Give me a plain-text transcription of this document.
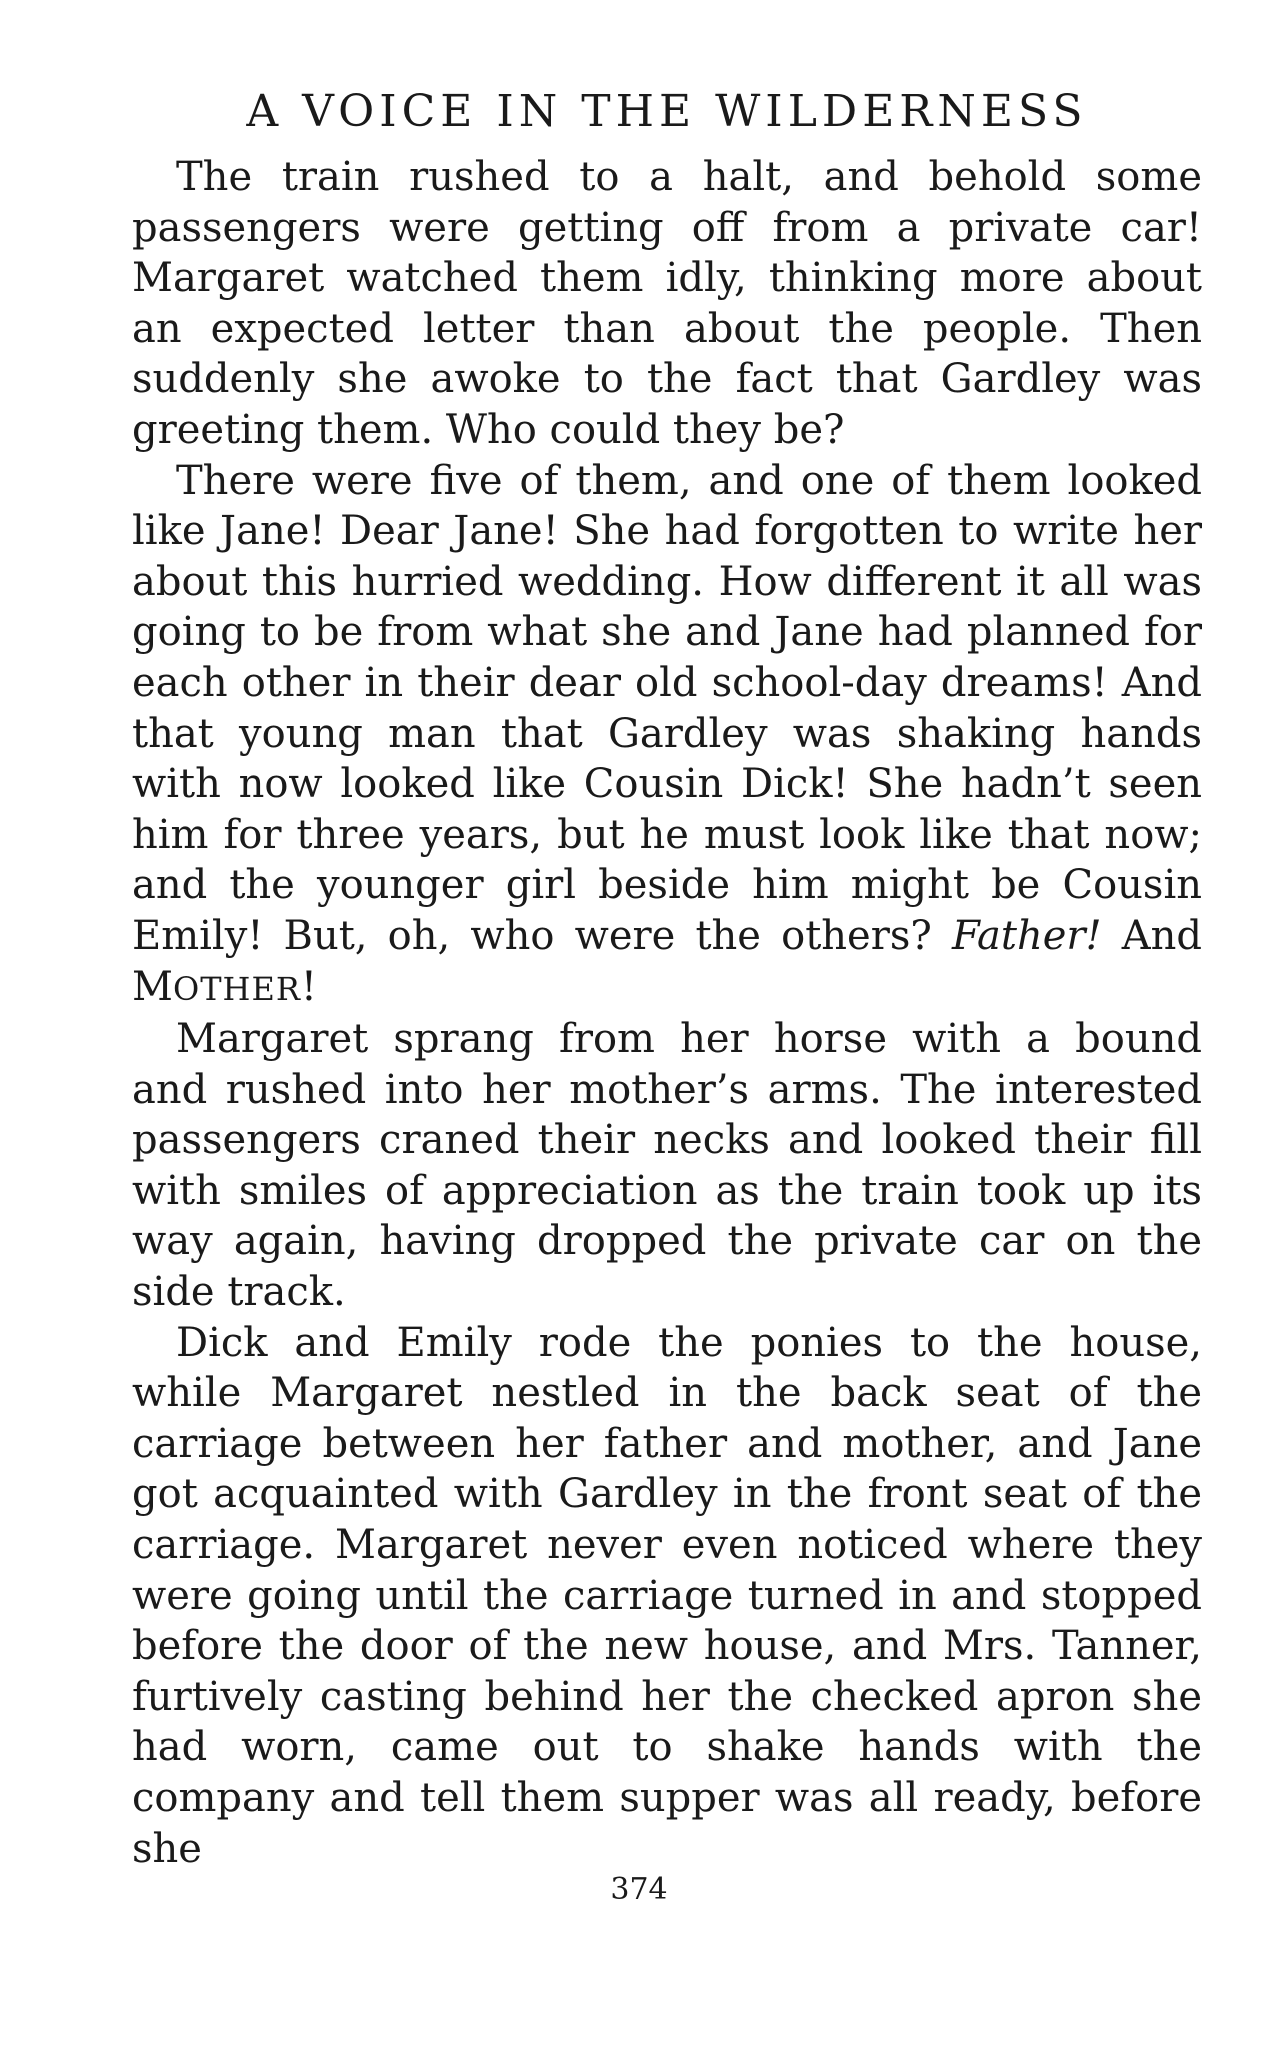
A VOICE IN THE WILDERNESS

The train rushed to a halt, and behold some passengers were getting off from a private car! Margaret watched them idly, thinking more about an expected letter than about the people. Then suddenly she awoke to the fact that Gardley was greeting them. Who could they be?

There were five of them, and one of them looked like Jane! Dear Jane! She had forgotten to write her about this hurried wedding. How different it all was going to be from what she and Jane had planned for each other in their dear old school-day dreams! And that young man that Gardley was shaking hands with now looked like Cousin Dick! She hadn’t seen him for three years, but he must look like that now; and the younger girl beside him might be Cousin Emily! But, oh, who were the others? Father! And MOTHER!

Margaret sprang from her horse with a bound and rushed into her mother’s arms. The interested passengers craned their necks and looked their fill with smiles of appreciation as the train took up its way again, having dropped the private car on the side track.

Dick and Emily rode the ponies to the house, while Margaret nestled in the back seat of the carriage between her father and mother, and Jane got acquainted with Gardley in the front seat of the carriage. Margaret never even noticed where they were going until the carriage turned in and stopped before the door of the new house, and Mrs. Tanner, furtively casting behind her the checked apron she had worn, came out to shake hands with the company and tell them supper was all ready, before she

374
